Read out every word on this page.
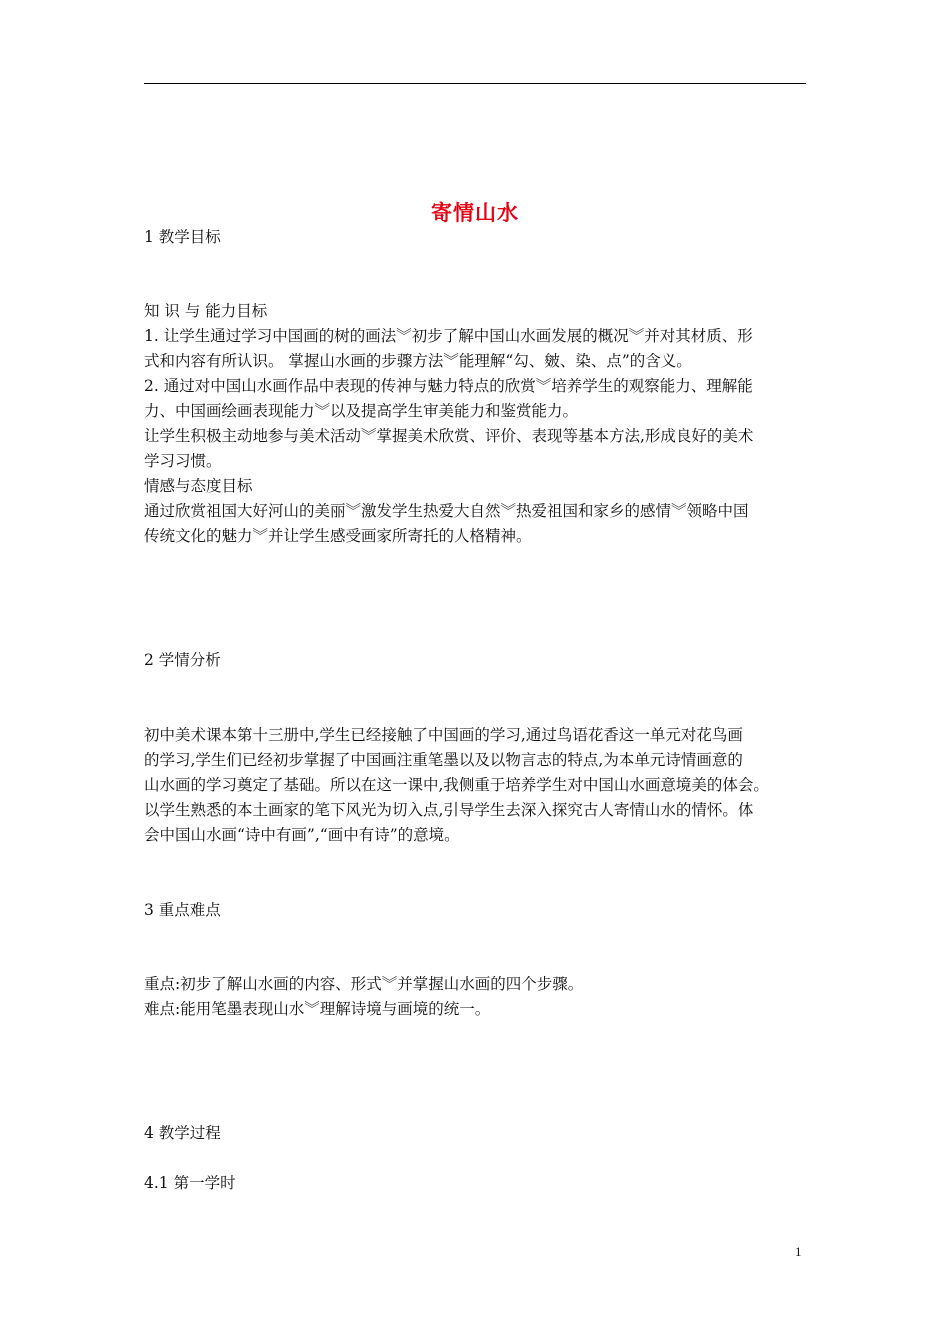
寄情山水
1 教学目标
知 识 与 能力目标
1. 让学生通过学习中国画的树的画法︾初步了解中国山水画发展的概况︾并对其材质、形
式和内容有所认识。 掌握山水画的步骤方法︾能理解“勾、皴、染、点”的含义。
2. 通过对中国山水画作品中表现的传神与魅力特点的欣赏︾培养学生的观察能力、理解能
力、中国画绘画表现能力︾以及提高学生审美能力和鉴赏能力。
让学生积极主动地参与美术活动︾掌握美术欣赏、评价、表现等基本方法,形成良好的美术
学习习惯。
情感与态度目标
通过欣赏祖国大好河山的美丽︾激发学生热爱大自然︾热爱祖国和家乡的感情︾领略中国
传统文化的魅力︾并让学生感受画家所寄托的人格精神。
2 学情分析
初中美术课本第十三册中,学生已经接触了中国画的学习,通过鸟语花香这一单元对花鸟画
的学习,学生们已经初步掌握了中国画注重笔墨以及以物言志的特点,为本单元诗情画意的
山水画的学习奠定了基础。所以在这一课中,我侧重于培养学生对中国山水画意境美的体会。
以学生熟悉的本土画家的笔下风光为切入点,引导学生去深入探究古人寄情山水的情怀。体
会中国山水画“诗中有画”,“画中有诗”的意境。
3 重点难点
重点:初步了解山水画的内容、形式︾并掌握山水画的四个步骤。
难点:能用笔墨表现山水︾理解诗境与画境的统一。
4 教学过程
4.1 第一学时
1
